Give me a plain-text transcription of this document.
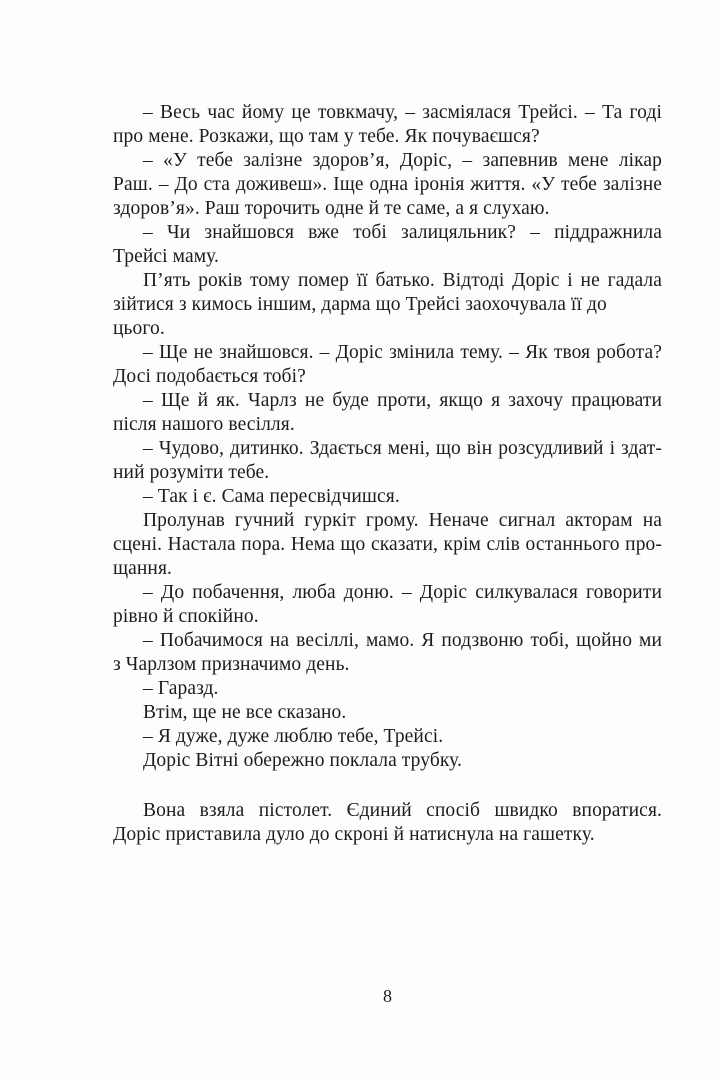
– Весь час йому це товкмачу, – засміялася Трейсі. – Та годі
про мене. Розкажи, що там у тебе. Як почуваєшся?
– «У тебе залізне здоров’я, Доріс, – запевнив мене лікар
Раш. – До ста доживеш». Іще одна іронія життя. «У тебе залізне
здоров’я». Раш торочить одне й те саме, а я слухаю.
– Чи знайшовся вже тобі залицяльник? – піддражнила
Трейсі маму.
П’ять років тому помер її батько. Відтоді Доріс і не гадала
зійтися з кимось іншим, дарма що Трейсі заохочувала її до цього.
– Ще не знайшовся. – Доріс змінила тему. – Як твоя робота?
Досі подобається тобі?
– Ще й як. Чарлз не буде проти, якщо я захочу працювати
після нашого весілля.
– Чудово, дитинко. Здається мені, що він розсудливий і здат-
ний розуміти тебе.
– Так і є. Сама пересвідчишся.
Пролунав гучний гуркіт грому. Неначе сигнал акторам на
сцені. Настала пора. Нема що сказати, крім слів останнього про-
щання.
– До побачення, люба доню. – Доріс силкувалася говорити
рівно й спокійно.
– Побачимося на весіллі, мамо. Я подзвоню тобі, щойно ми
з Чарлзом призначимо день.
– Гаразд.
Втім, ще не все сказано.
– Я дуже, дуже люблю тебе, Трейсі.
Доріс Вітні обережно поклала трубку.
Вона взяла пістолет. Єдиний спосіб швидко впоратися.
Доріс приставила дуло до скроні й натиснула на гашетку.
8
